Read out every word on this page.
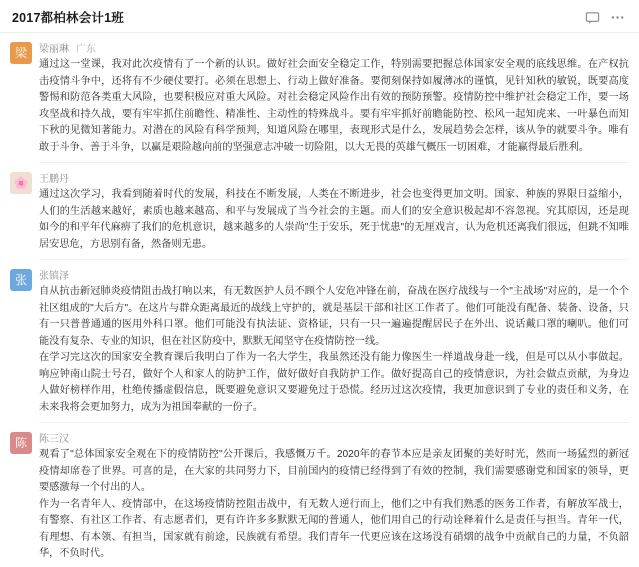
2017都柏林会计1班
梁 梁丽琳 广东
通过这一堂课，我对此次疫情有了一个新的认识。做好社会面安全稳定工作，特别需要把握总体国家安全观的底线思维。在产权抗击疫情斗争中，还将有不少硬仗要打。必须在思想上、行动上做好准备。要彻刻保持如履薄冰的谨慎，见针知秋的敏锐，既要高度警惕和防范各类重大风险，也要积极应对重大风险。对社会稳定风险作出有效的预防预警。疫情防控中维护社会稳定工作，要一场攻坚战和持久战，要有牢牢抓住前瞻性、精准性、主动性的特殊战斗。要有牢牢抓好前瞻能防控、松风一起知虎来、一叶暴色而知下秋的见微知著能力。对潜在的风险有科学预判，知道风险在哪里，表现形式是什么，发展趋势会怎样，该从争的就要斗争。唯有敢于斗争、善于斗争，以赢是艰险越向前的坚强意志冲破一切险阻，以大无畏的英雄气概压一切困难，才能赢得最后胜利。
🌸 王鹏丹
通过这次学习，我看到随着时代的发展，科技在不断发展，人类在不断进步，社会也变得更加文明。国家、种族的界限日益缩小，人们的生活越来越好，素质也越来越高、和平与发展成了当今社会的主题。而人们的安全意识极起却不容忽视。究其原因，还是现如今的和平年代麻痹了我们的危机意识，越来越多的人崇尚"生于安乐，死于忧患"的无厘戏言，认为危机还离我们很远，但跳不知唯居安思危，方思别有备，然备则无患。
张 张镇泽
自从抗击新冠肺炎疫情阻击战打响以来，有无数医护人员不顾个人安危冲锋在前，奋战在医疗战线与一个"主战场"对应的，是一个个社区组成的"大后方"。在这片与群众距离最近的战线上守护的，就是基层干部和社区工作者了。他们可能没有配备、装备、设备，只有一只普普通通的医用外科口罩。他们可能没有执法证、资格证，只有一只一遍遍提醒居民子在外出、说话戴口罩的喇叭。他们可能没有复杂、专业的知识，但在社区防疫中，默默无闻坚守在疫情防控一线。
在学习完这次的国家安全教育课后我明白了作为一名大学生，我虽然还没有能力像医生一样道战身赴一线，但是可以从小事做起。响应钟南山院士号召，做好个人和家人的防护工作，做好做好自我防护工作。做好提高自己的疫情意识，为社会做点贡献，为身边人做好榜样作用，杜绝传播虚假信息，既要避免意识又要避免过于恐慌。经历过这次疫情，我更加意识到了专业的责任和义务，在未来我将会更加努力，成为为祖国奉献的一份子。
陈 陈三汉
观看了"总体国家安全观在下的疫情防控"公开课后，我感慨万千。2020年的春节本应是亲友团聚的美好时光，然而一场猛烈的新冠疫情却席卷了世界。可喜的是，在大家的共同努力下，目前国内的疫情已经得到了有效的控制，我们需要感谢党和国家的领导，更要感激每一个付出的人。
作为一名青年人、疫情部中，在这场疫情防控阻击战中，有无数人逆行而上，他们之中有我们熟悉的医务工作者，有解放军战士，有警察、有社区工作者、有志愿者们，更有许许多多默默无闻的普通人，他们用自己的行动诠释着什么是责任与担当。青年一代，有理想、有本领、有担当，国家就有前途，民族就有希望。我们青年一代更应该在这场没有硝烟的战争中贡献自己的力量，不负韶华，不负时代。
